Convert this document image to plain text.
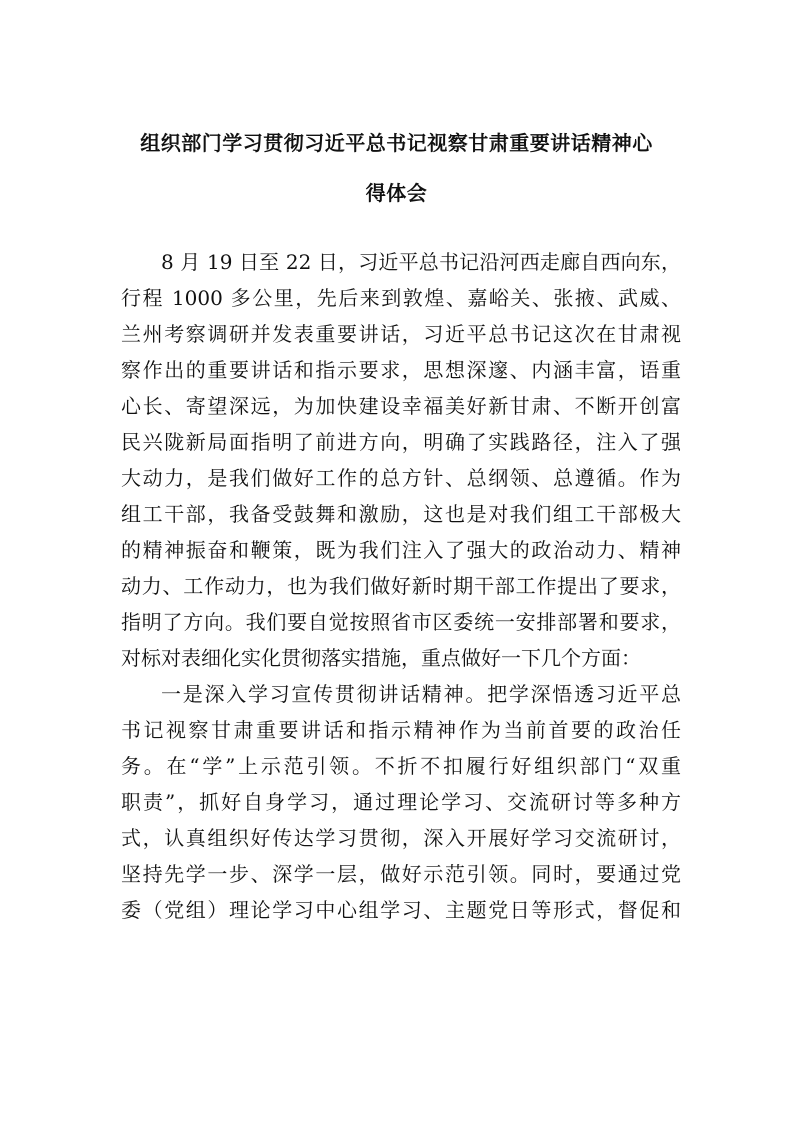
组织部门学习贯彻习近平总书记视察甘肃重要讲话精神心
得体会
8 月 19 日至 22 日，习近平总书记沿河西走廊自西向东，
行程 1000 多公里，先后来到敦煌、嘉峪关、张掖、武威、
兰州考察调研并发表重要讲话，习近平总书记这次在甘肃视
察作出的重要讲话和指示要求，思想深邃、内涵丰富，语重
心长、寄望深远，为加快建设幸福美好新甘肃、不断开创富
民兴陇新局面指明了前进方向，明确了实践路径，注入了强
大动力，是我们做好工作的总方针、总纲领、总遵循。作为
组工干部，我备受鼓舞和激励，这也是对我们组工干部极大
的精神振奋和鞭策，既为我们注入了强大的政治动力、精神
动力、工作动力，也为我们做好新时期干部工作提出了要求，
指明了方向。我们要自觉按照省市区委统一安排部署和要求，
对标对表细化实化贯彻落实措施，重点做好一下几个方面：
一是深入学习宣传贯彻讲话精神。把学深悟透习近平总
书记视察甘肃重要讲话和指示精神作为当前首要的政治任
务。在“学”上示范引领。不折不扣履行好组织部门“双重
职责”，抓好自身学习，通过理论学习、交流研讨等多种方
式，认真组织好传达学习贯彻，深入开展好学习交流研讨，
坚持先学一步、深学一层，做好示范引领。同时，要通过党
委（党组）理论学习中心组学习、主题党日等形式，督促和
